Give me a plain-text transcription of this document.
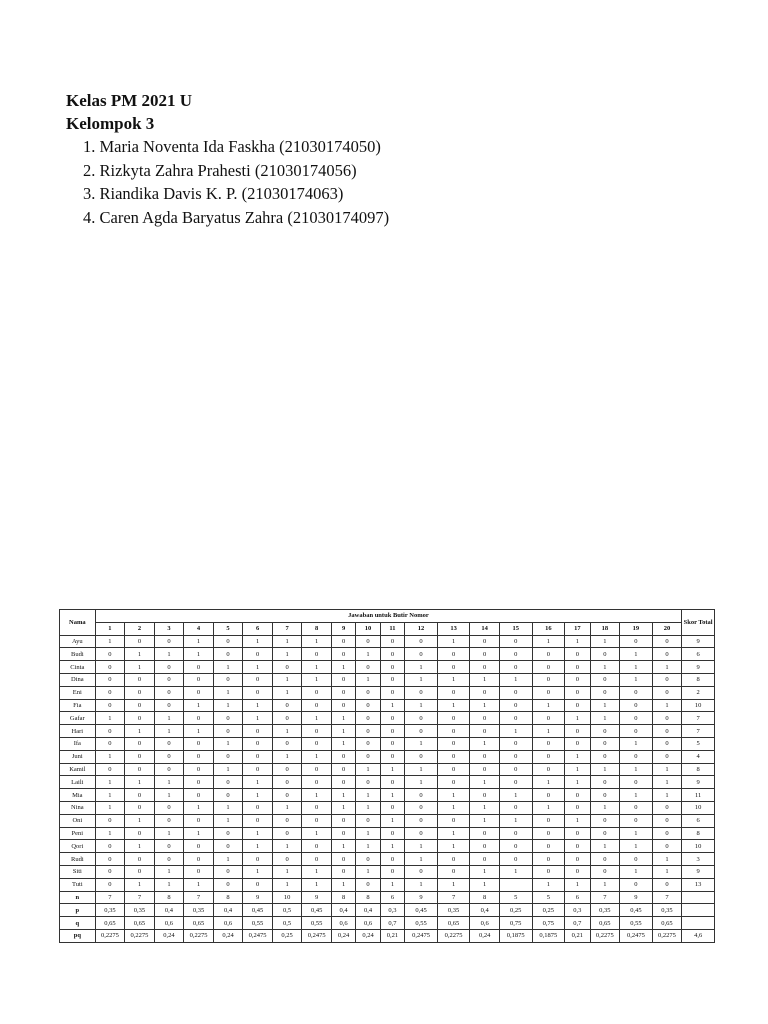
Kelas PM 2021 U
Kelompok 3
1. Maria Noventa Ida Faskha (21030174050)
2. Rizkyta Zahra Prahesti (21030174056)
3. Riandika Davis K. P. (21030174063)
4. Caren Agda Baryatus Zahra (21030174097)
Nama	Jawaban untuk Butir Nomor																				Skor Total
	1	2	3	4	5	6	7	8	9	10	11	12	13	14	15	16	17	18	19	20	
Ayu	1	0	0	1	0	1	1	1	0	0	0	0	1	0	0	1	1	1	0	0	9
Budi	0	1	1	1	0	0	1	0	0	1	0	0	0	0	0	0	0	0	1	0	6
Cinta	0	1	0	0	1	1	0	1	1	0	0	1	0	0	0	0	0	1	1	1	9
Dina	0	0	0	0	0	0	1	1	0	1	0	1	1	1	1	0	0	0	1	0	8
Eni	0	0	0	0	1	0	1	0	0	0	0	0	0	0	0	0	0	0	0	0	2
Fia	0	0	0	1	1	1	0	0	0	0	1	1	1	1	0	1	0	1	0	1	10
Gafar	1	0	1	0	0	1	0	1	1	0	0	0	0	0	0	0	1	1	0	0	7
Hari	0	1	1	1	0	0	1	0	1	0	0	0	0	0	1	1	0	0	0	0	7
Ifa	0	0	0	0	1	0	0	0	1	0	0	1	0	1	0	0	0	0	1	0	5
Juni	1	0	0	0	0	0	1	1	0	0	0	0	0	0	0	0	1	0	0	0	4
Kamil	0	0	0	0	1	0	0	0	0	1	1	1	0	0	0	0	1	1	1	1	8
Laili	1	1	1	0	0	1	0	0	0	0	0	1	0	1	0	1	1	0	0	1	9
Mia	1	0	1	0	0	1	0	1	1	1	1	0	1	0	1	0	0	0	1	1	11
Nina	1	0	0	1	1	0	1	0	1	1	0	0	1	1	0	1	0	1	0	0	10
Oni	0	1	0	0	1	0	0	0	0	0	1	0	0	1	1	0	1	0	0	0	6
Peni	1	0	1	1	0	1	0	1	0	1	0	0	1	0	0	0	0	0	1	0	8
Qori	0	1	0	0	0	1	1	0	1	1	1	1	1	0	0	0	0	1	1	0	10
Rudi	0	0	0	0	1	0	0	0	0	0	0	1	0	0	0	0	0	0	0	1	3
Siti	0	0	1	0	0	1	1	1	0	1	0	0	0	1	1	0	0	0	1	1	9
Tuti	0	1	1	1	0	0	1	1	1	0	1	1	1	1		1	1	1	0	0	13
n	7	7	8	7	8	9	10	9	8	8	6	9	7	8	5	5	6	7	9	7	
p	0,35	0,35	0,4	0,35	0,4	0,45	0,5	0,45	0,4	0,4	0,3	0,45	0,35	0,4	0,25	0,25	0,3	0,35	0,45	0,35	
q	0,65	0,65	0,6	0,65	0,6	0,55	0,5	0,55	0,6	0,6	0,7	0,55	0,65	0,6	0,75	0,75	0,7	0,65	0,55	0,65	
pq	0,2275	0,2275	0,24	0,2275	0,24	0,2475	0,25	0,2475	0,24	0,24	0,21	0,2475	0,2275	0,24	0,1875	0,1875	0,21	0,2275	0,2475	0,2275	4,6
